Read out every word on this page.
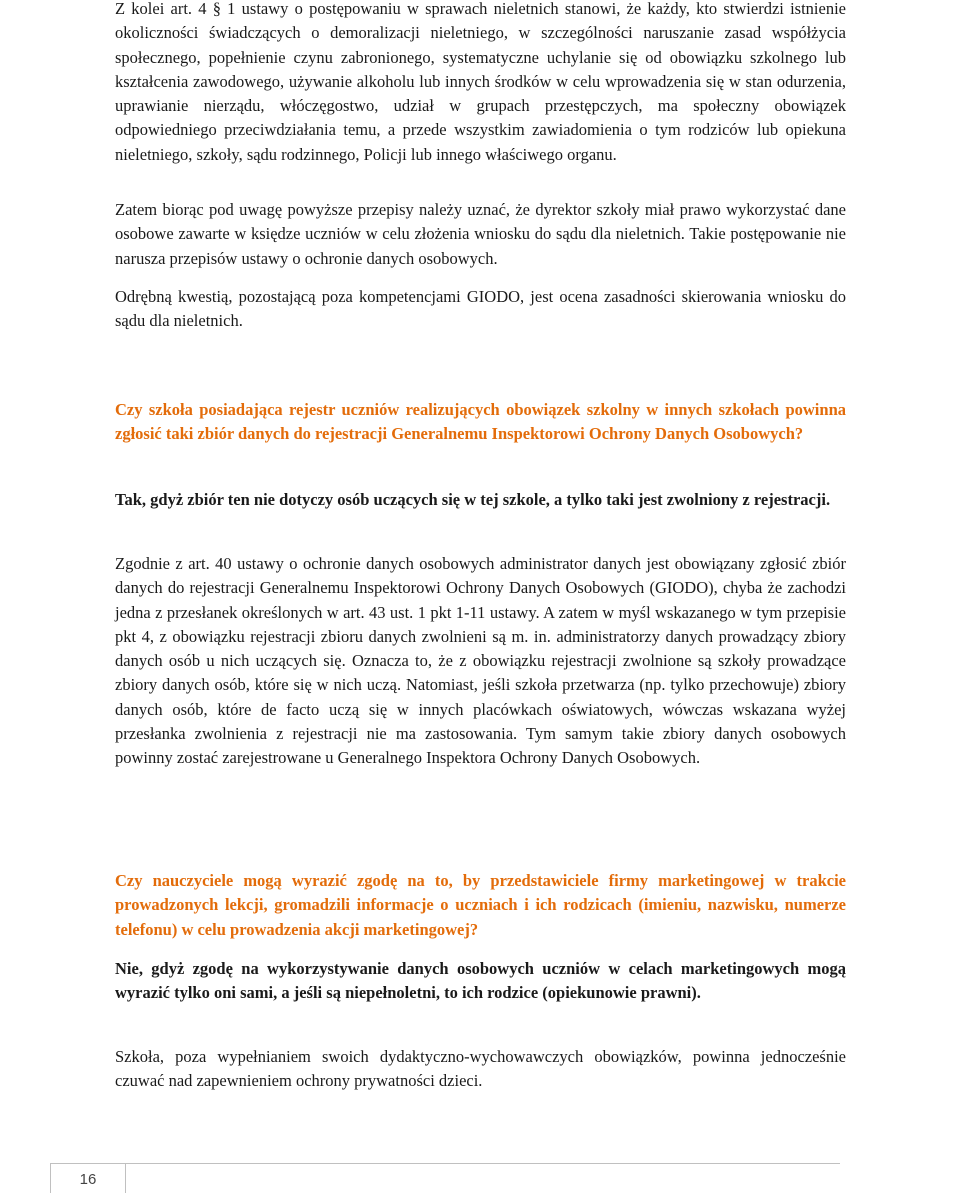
Z kolei art. 4 § 1 ustawy o postępowaniu w sprawach nieletnich stanowi, że każdy, kto stwierdzi istnienie okoliczności świadczących o demoralizacji nieletniego, w szczególności naruszanie zasad współżycia społecznego, popełnienie czynu zabronionego, systematyczne uchylanie się od obowiązku szkolnego lub kształcenia zawodowego, używanie alkoholu lub innych środków w celu wprowadzenia się w stan odurzenia, uprawianie nierządu, włóczęgostwo, udział w grupach przestępczych, ma społeczny obowiązek odpowiedniego przeciwdziałania temu, a przede wszystkim zawiadomienia o tym rodziców lub opiekuna nieletniego, szkoły, sądu rodzinnego, Policji lub innego właściwego organu.

Zatem biorąc pod uwagę powyższe przepisy należy uznać, że dyrektor szkoły miał prawo wykorzystać dane osobowe zawarte w księdze uczniów w celu złożenia wniosku do sądu dla nieletnich. Takie postępowanie nie narusza przepisów ustawy o ochronie danych osobowych.

Odrębną kwestią, pozostającą poza kompetencjami GIODO, jest ocena zasadności skierowania wniosku do sądu dla nieletnich.

Czy szkoła posiadająca rejestr uczniów realizujących obowiązek szkolny w innych szkołach powinna zgłosić taki zbiór danych do rejestracji Generalnemu Inspektorowi Ochrony Danych Osobowych?

Tak, gdyż zbiór ten nie dotyczy osób uczących się w tej szkole, a tylko taki jest zwolniony z rejestracji.

Zgodnie z art. 40 ustawy o ochronie danych osobowych administrator danych jest obowiązany zgłosić zbiór danych do rejestracji Generalnemu Inspektorowi Ochrony Danych Osobowych (GIODO), chyba że zachodzi jedna z przesłanek określonych w art. 43 ust. 1 pkt 1-11 ustawy. A zatem w myśl wskazanego w tym przepisie pkt 4, z obowiązku rejestracji zbioru danych zwolnieni są m. in. administratorzy danych prowadzący zbiory danych osób u nich uczących się. Oznacza to, że z obowiązku rejestracji zwolnione są szkoły prowadzące zbiory danych osób, które się w nich uczą. Natomiast, jeśli szkoła przetwarza (np. tylko przechowuje) zbiory danych osób, które de facto uczą się w innych placówkach oświatowych, wówczas wskazana wyżej przesłanka zwolnienia z rejestracji nie ma zastosowania. Tym samym takie zbiory danych osobowych powinny zostać zarejestrowane u Generalnego Inspektora Ochrony Danych Osobowych.

Czy nauczyciele mogą wyrazić zgodę na to, by przedstawiciele firmy marketingowej w trakcie prowadzonych lekcji, gromadzili informacje o uczniach i ich rodzicach (imieniu, nazwisku, numerze telefonu) w celu prowadzenia akcji marketingowej?

Nie, gdyż zgodę na wykorzystywanie danych osobowych uczniów w celach marketingowych mogą wyrazić tylko oni sami, a jeśli są niepełnoletni, to ich rodzice (opiekunowie prawni).

Szkoła, poza wypełnianiem swoich dydaktyczno-wychowawczych obowiązków, powinna jednocześnie czuwać nad zapewnieniem ochrony prywatności dzieci.

16
